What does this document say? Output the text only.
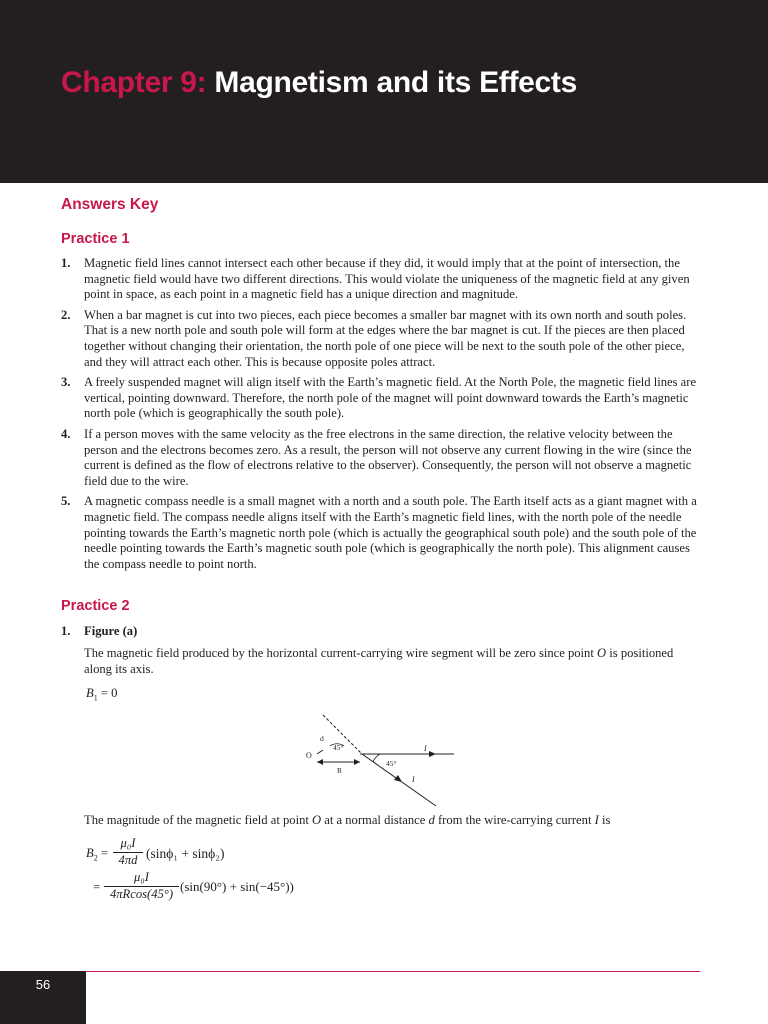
Chapter 9: Magnetism and its Effects
Answers Key
Practice 1
1. Magnetic field lines cannot intersect each other because if they did, it would imply that at the point of intersection, the magnetic field would have two different directions. This would violate the uniqueness of the magnetic field at any given point in space, as each point in a magnetic field has a unique direction and magnitude.
2. When a bar magnet is cut into two pieces, each piece becomes a smaller bar magnet with its own north and south poles. That is a new north pole and south pole will form at the edges where the bar magnet is cut. If the pieces are then placed together without changing their orientation, the north pole of one piece will be next to the south pole of the other piece, and they will attract each other. This is because opposite poles attract.
3. A freely suspended magnet will align itself with the Earth’s magnetic field. At the North Pole, the magnetic field lines are vertical, pointing downward. Therefore, the north pole of the magnet will point downward towards the Earth’s magnetic north pole (which is geographically the south pole).
4. If a person moves with the same velocity as the free electrons in the same direction, the relative velocity between the person and the electrons becomes zero. As a result, the person will not observe any current flowing in the wire (since the current is defined as the flow of electrons relative to the observer). Consequently, the person will not observe a magnetic field due to the wire.
5. A magnetic compass needle is a small magnet with a north and a south pole. The Earth itself acts as a giant magnet with a magnetic field. The compass needle aligns itself with the Earth’s magnetic field lines, with the north pole of the needle pointing towards the Earth’s magnetic north pole (which is actually the geographical south pole) and the south pole of the needle pointing towards the Earth’s magnetic south pole (which is geographically the north pole). This alignment causes the compass needle to point north.
Practice 2
1. Figure (a)

The magnetic field produced by the horizontal current-carrying wire segment will be zero since point O is positioned along its axis.

$B_1 = 0$
d
45°
O
R
45°
I
I

The magnitude of the magnetic field at point O at a normal distance d from the wire-carrying current I is

$B_2$ =
μ₀I
4πd (sinϕ₁ + sinϕ₂)
=
μ₀I
4πRcos(45°) (sin(90°) + sin(−45°))
56
